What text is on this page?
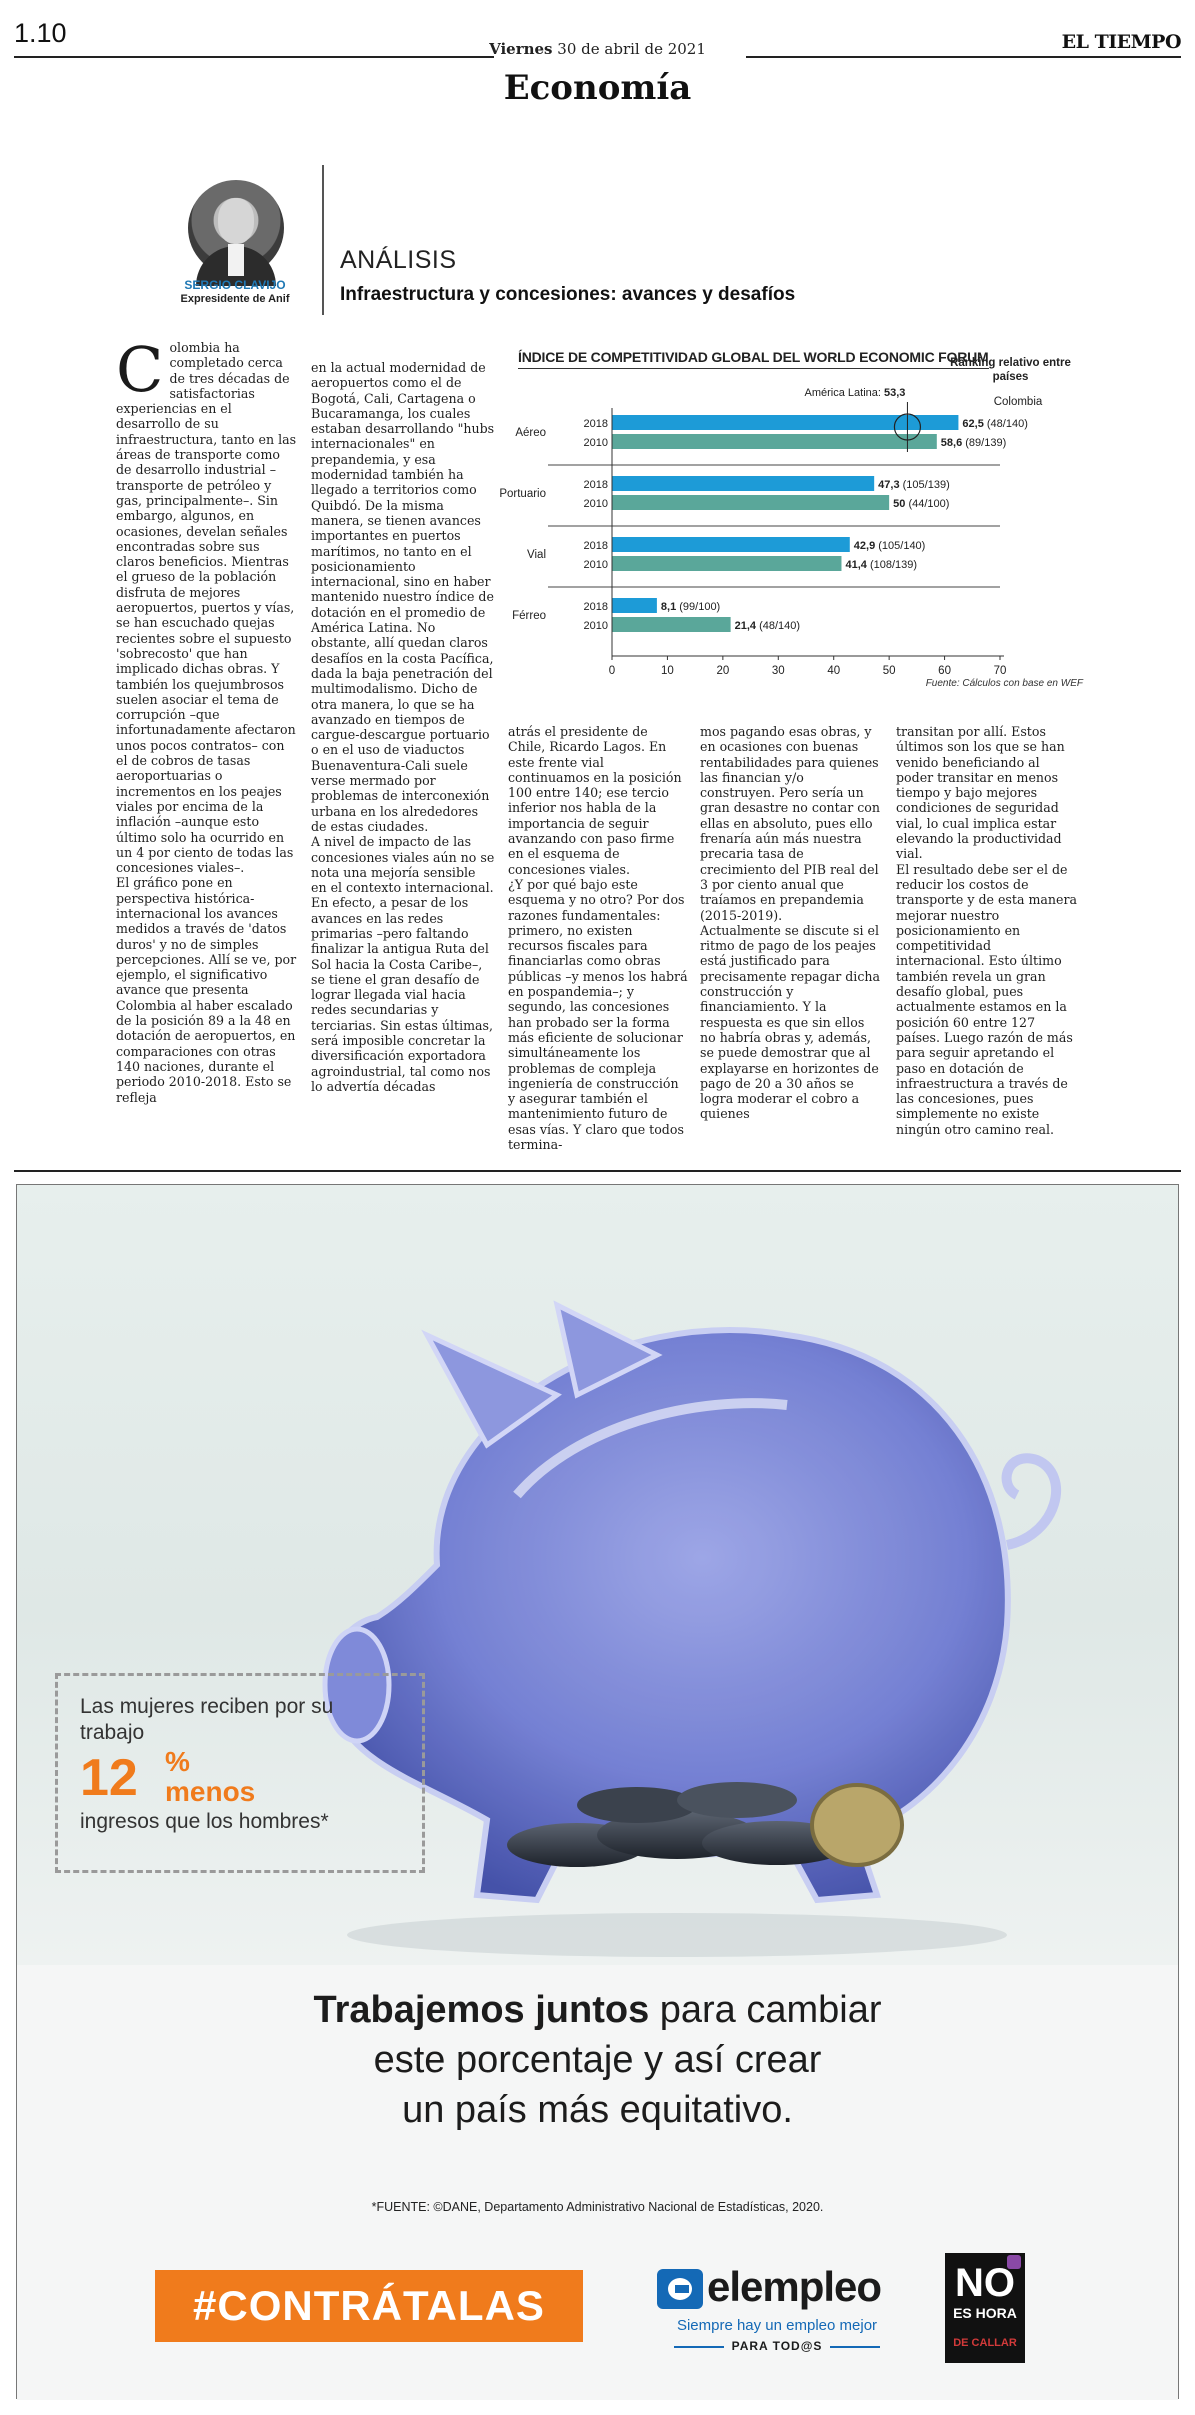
1.10
Viernes 30 de abril de 2021	EL TIEMPO
Economía
SERGIO CLAVIJO
Expresidente de Anif
ANÁLISIS
Infraestructura y concesiones: avances y desafíos

Colombia ha completado cerca de tres décadas de satisfactorias experiencias en el desarrollo de su infraestructura, tanto en las áreas de transporte como de desarrollo industrial –transporte de petróleo y gas, principalmente–. Sin embargo, algunos, en ocasiones, develan señales encontradas sobre sus claros beneficios. Mientras el grueso de la población disfruta de mejores aeropuertos, puertos y vías, se han escuchado quejas recientes sobre el supuesto 'sobrecosto' que han implicado dichas obras. Y también los quejumbrosos suelen asociar el tema de corrupción –que infortunadamente afectaron unos pocos contratos– con el de cobros de tasas aeroportuarias o incrementos en los peajes viales por encima de la inflación –aunque esto último solo ha ocurrido en un 4 por ciento de todas las concesiones viales–.

El gráfico pone en perspectiva histórica-internacional los avances medidos a través de 'datos duros' y no de simples percepciones. Allí se ve, por ejemplo, el significativo avance que presenta Colombia al haber escalado de la posición 89 a la 48 en dotación de aeropuertos, en comparaciones con otras 140 naciones, durante el periodo 2010-2018. Esto se refleja

en la actual modernidad de aeropuertos como el de Bogotá, Cali, Cartagena o Bucaramanga, los cuales estaban desarrollando "hubs internacionales" en prepandemia, y esa modernidad también ha llegado a territorios como Quibdó. De la misma manera, se tienen avances importantes en puertos marítimos, no tanto en el posicionamiento internacional, sino en haber mantenido nuestro índice de dotación en el promedio de América Latina. No obstante, allí quedan claros desafíos en la costa Pacífica, dada la baja penetración del multimodalismo. Dicho de otra manera, lo que se ha avanzado en tiempos de cargue-descargue portuario o en el uso de viaductos Buenaventura-Cali suele verse mermado por problemas de interconexión urbana en los alrededores de estas ciudades.

A nivel de impacto de las concesiones viales aún no se nota una mejoría sensible en el contexto internacional. En efecto, a pesar de los avances en las redes primarias –pero faltando finalizar la antigua Ruta del Sol hacia la Costa Caribe–, se tiene el gran desafío de lograr llegada vial hacia redes secundarias y terciarias. Sin estas últimas, será imposible concretar la diversificación exportadora agroindustrial, tal como nos lo advertía décadas

atrás el presidente de Chile, Ricardo Lagos. En este frente vial continuamos en la posición 100 entre 140; ese tercio inferior nos habla de la importancia de seguir avanzando con paso firme en el esquema de concesiones viales.

¿Y por qué bajo este esquema y no otro? Por dos razones fundamentales: primero, no existen recursos fiscales para financiarlas como obras públicas –y menos los habrá en pospandemia–; y segundo, las concesiones han probado ser la forma más eficiente de solucionar simultáneamente los problemas de compleja ingeniería de construcción y asegurar también el mantenimiento futuro de esas vías. Y claro que todos termina-

mos pagando esas obras, y en ocasiones con buenas rentabilidades para quienes las financian y/o construyen. Pero sería un gran desastre no contar con ellas en absoluto, pues ello frenaría aún más nuestra precaria tasa de crecimiento del PIB real del 3 por ciento anual que traíamos en prepandemia (2015-2019).

Actualmente se discute si el ritmo de pago de los peajes está justificado para precisamente repagar dicha construcción y financiamiento. Y la respuesta es que sin ellos no habría obras y, además, se puede demostrar que al explayarse en horizontes de pago de 20 a 30 años se logra moderar el cobro a quienes

transitan por allí. Estos últimos son los que se han venido beneficiando al poder transitar en menos tiempo y bajo mejores condiciones de seguridad vial, lo cual implica estar elevando la productividad vial.

El resultado debe ser el de reducir los costos de transporte y de esta manera mejorar nuestro posicionamiento en competitividad internacional. Esto último también revela un gran desafío global, pues actualmente estamos en la posición 60 entre 127 países. Luego razón de más para seguir apretando el paso en dotación de infraestructura a través de las concesiones, pues simplemente no existe ningún otro camino real.

ÍNDICE DE COMPETITIVIDAD GLOBAL DEL WORLD ECONOMIC FORUM
Ranking relativo entre países
Colombia
Aéreo
2018	62,5 (48/140)
2010	58,6 (89/139)
Portuario
2018	47,3 (105/139)
2010	50 (44/100)
Vial
2018	42,9 (105/140)
2010	41,4 (108/139)
Férreo
2018	8,1 (99/100)
2010	21,4 (48/140)
América Latina: 53,3
0	10	20	30	40	50	60	70
Fuente: Cálculos con base en WEF
Las mujeres reciben por su trabajo
12 %
menos
ingresos que los hombres*
Trabajemos juntos para cambiar
este porcentaje y así crear
un país más equitativo.
*FUENTE: ©DANE, Departamento Administrativo Nacional de Estadísticas, 2020.
#CONTRÁTALAS	elempleo
Siempre hay un empleo mejor
PARA TOD@S
NO
ES HORA
DE CALLAR
